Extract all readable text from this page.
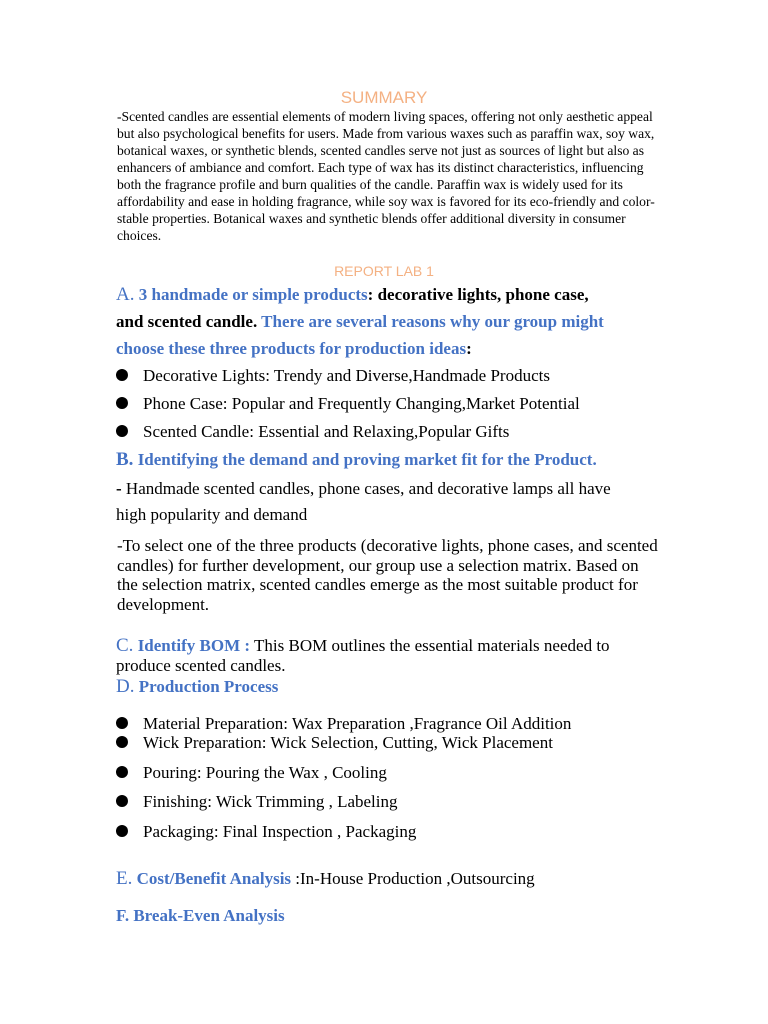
SUMMARY
-Scented candles are essential elements of modern living spaces, offering not only aesthetic appeal but also psychological benefits for users. Made from various waxes such as paraffin wax, soy wax, botanical waxes, or synthetic blends, scented candles serve not just as sources of light but also as enhancers of ambiance and comfort. Each type of wax has its distinct characteristics, influencing both the fragrance profile and burn qualities of the candle. Paraffin wax is widely used for its affordability and ease in holding fragrance, while soy wax is favored for its eco-friendly and color-stable properties. Botanical waxes and synthetic blends offer additional diversity in consumer choices.
REPORT LAB 1
A. 3 handmade or simple products: decorative lights, phone case,
and scented candle. There are several reasons why our group might
choose these three products for production ideas:
Decorative Lights: Trendy and Diverse,Handmade Products
Phone Case: Popular and Frequently Changing,Market Potential
Scented Candle: Essential and Relaxing,Popular Gifts
B. Identifying the demand and proving market fit for the Product.
- Handmade scented candles, phone cases, and decorative lamps all have
high popularity and demand
-To select one of the three products (decorative lights, phone cases, and scented candles) for further development, our group use a selection matrix. Based on the selection matrix, scented candles emerge as the most suitable product for development.
C. Identify BOM : This BOM outlines the essential materials needed to
produce scented candles.
D. Production Process
Material Preparation: Wax Preparation ,Fragrance Oil Addition
Wick Preparation: Wick Selection, Cutting, Wick Placement
Pouring: Pouring the Wax , Cooling
Finishing: Wick Trimming , Labeling
Packaging: Final Inspection , Packaging
E. Cost/Benefit Analysis :In-House Production ,Outsourcing
F. Break-Even Analysis
